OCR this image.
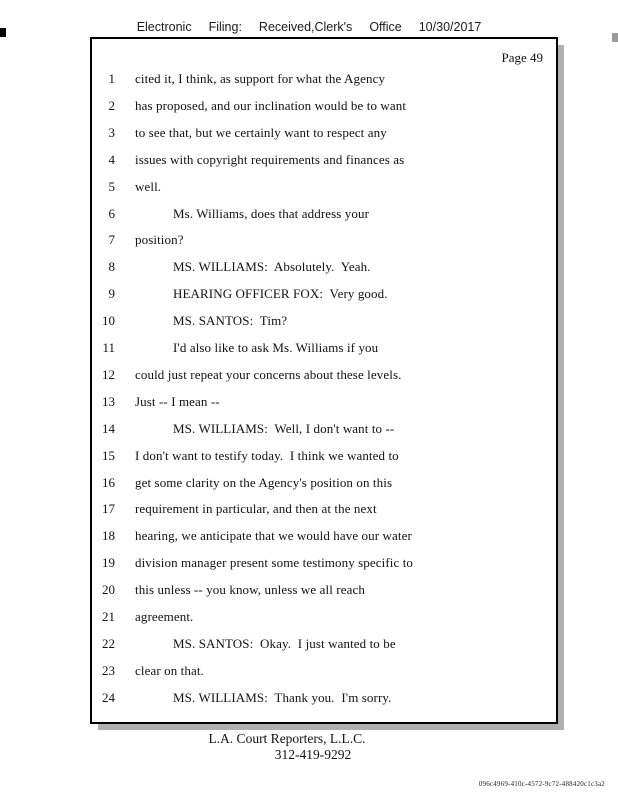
Electronic Filing: Received,Clerk's Office 10/30/2017
Page 49
1 cited it, I think, as support for what the Agency
2 has proposed, and our inclination would be to want
3 to see that, but we certainly want to respect any
4 issues with copyright requirements and finances as
5 well.
6	Ms. Williams, does that address your
7 position?
8	MS. WILLIAMS:  Absolutely.  Yeah.
9	HEARING OFFICER FOX:  Very good.
10	MS. SANTOS:  Tim?
11	I'd also like to ask Ms. Williams if you
12 could just repeat your concerns about these levels.
13 Just -- I mean --
14	MS. WILLIAMS:  Well, I don't want to --
15 I don't want to testify today.  I think we wanted to
16 get some clarity on the Agency's position on this
17 requirement in particular, and then at the next
18 hearing, we anticipate that we would have our water
19 division manager present some testimony specific to
20 this unless -- you know, unless we all reach
21 agreement.
22	MS. SANTOS:  Okay.  I just wanted to be
23 clear on that.
24	MS. WILLIAMS:  Thank you.  I'm sorry.
L.A. Court Reporters, L.L.C.
312-419-9292
096c4969-410c-4572-9c72-488420c1c3a2
